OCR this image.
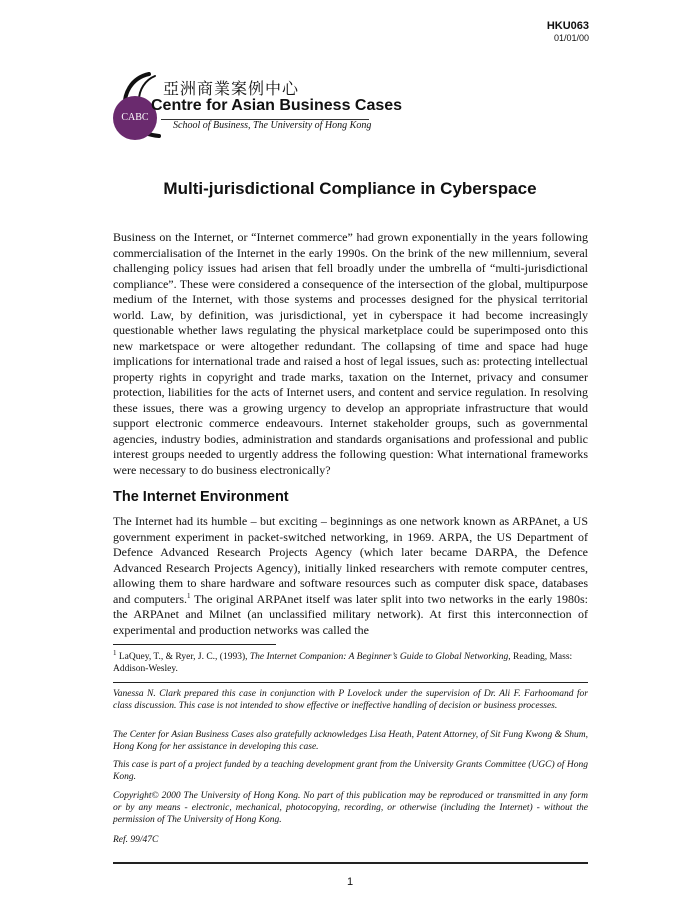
HKU063
01/01/00
CABC
亞洲商業案例中心
Centre for Asian Business Cases
School of Business, The University of Hong Kong
Multi-jurisdictional Compliance in Cyberspace

Business on the Internet, or “Internet commerce” had grown exponentially in the years following commercialisation of the Internet in the early 1990s. On the brink of the new millennium, several challenging policy issues had arisen that fell broadly under the umbrella of “multi-jurisdictional compliance”. These were considered a consequence of the intersection of the global, multipurpose medium of the Internet, with those systems and processes designed for the physical territorial world. Law, by definition, was jurisdictional, yet in cyberspace it had become increasingly questionable whether laws regulating the physical marketplace could be superimposed onto this new marketspace or were altogether redundant. The collapsing of time and space had huge implications for international trade and raised a host of legal issues, such as: protecting intellectual property rights in copyright and trade marks, taxation on the Internet, privacy and consumer protection, liabilities for the acts of Internet users, and content and service regulation. In resolving these issues, there was a growing urgency to develop an appropriate infrastructure that would support electronic commerce endeavours. Internet stakeholder groups, such as governmental agencies, industry bodies, administration and standards organisations and professional and public interest groups needed to urgently address the following question: What international frameworks were necessary to do business electronically?

The Internet Environment

The Internet had its humble – but exciting – beginnings as one network known as ARPAnet, a US government experiment in packet-switched networking, in 1969. ARPA, the US Department of Defence Advanced Research Projects Agency (which later became DARPA, the Defence Advanced Research Projects Agency), initially linked researchers with remote computer centres, allowing them to share hardware and software resources such as computer disk space, databases and computers.$^1$ The original ARPAnet itself was later split into two networks in the early 1980s: the ARPAnet and Milnet (an unclassified military network). At first this interconnection of experimental and production networks was called the

$^1$ LaQuey, T., & Ryer, J. C., (1993), The Internet Companion: A Beginner’s Guide to Global Networking, Reading, Mass: Addison-Wesley.

Vanessa N. Clark prepared this case in conjunction with P Lovelock under the supervision of Dr. Ali F. Farhoomand for class discussion. This case is not intended to show effective or ineffective handling of decision or business processes.

The Center for Asian Business Cases also gratefully acknowledges Lisa Heath, Patent Attorney, of Sit Fung Kwong & Shum, Hong Kong for her assistance in developing this case.

This case is part of a project funded by a teaching development grant from the University Grants Committee (UGC) of Hong Kong.

Copyright© 2000 The University of Hong Kong. No part of this publication may be reproduced or transmitted in any form or by any means - electronic, mechanical, photocopying, recording, or otherwise (including the Internet) - without the permission of The University of Hong Kong.

Ref. 99/47C

1
